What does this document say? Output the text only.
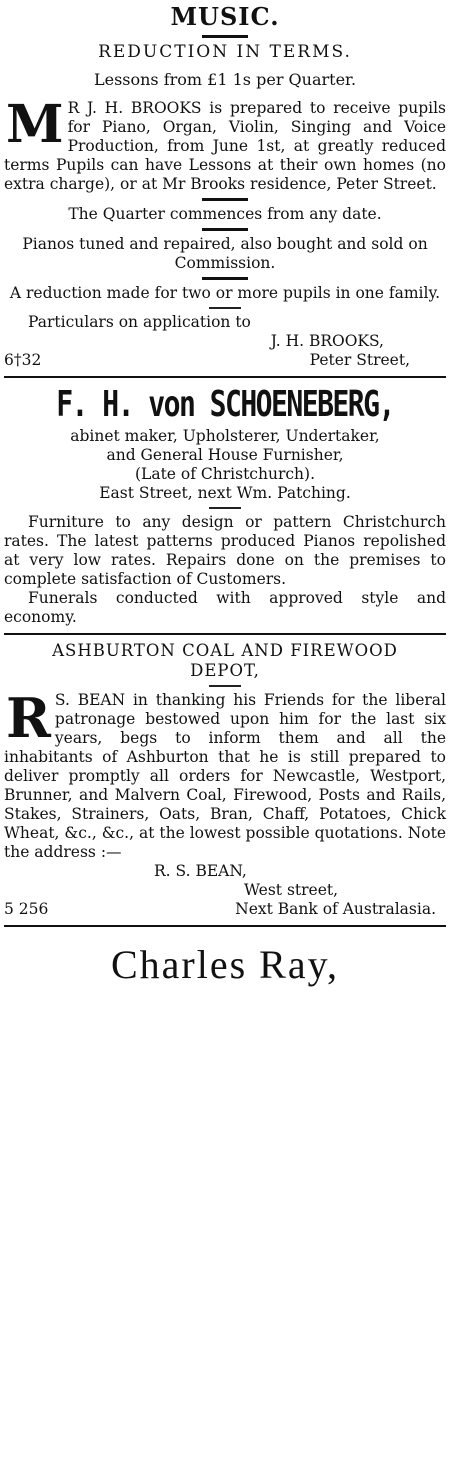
MUSIC.
REDUCTION IN TERMS.
Lessons from £1 1s per Quarter.
M R J. H. BROOKS is prepared to receive pupils for Piano, Organ, Violin, Singing and Voice Production, from June 1st, at greatly reduced terms Pupils can have Lessons at their own homes (no extra charge), or at Mr Brooks residence, Peter Street.

The Quarter commences from any date.

Pianos tuned and repaired, also bought and sold on Commission.

A reduction made for two or more pupils in one family.

Particulars on application to

J. H. BROOKS,

6†32	Peter Street,
F. H. von SCHOENEBERG,

abinet maker, Upholsterer, Undertaker,

and General House Furnisher,

(Late of Christchurch).

East Street, next Wm. Patching.

Furniture to any design or pattern Christchurch rates. The latest patterns produced Pianos repolished at very low rates. Repairs done on the premises to complete satisfaction of Customers.

Funerals conducted with approved style and economy.

ASHBURTON COAL AND FIREWOOD
DEPOT,
R S. BEAN in thanking his Friends for the liberal patronage bestowed upon him for the last six years, begs to inform them and all the inhabitants of Ashburton that he is still prepared to deliver promptly all orders for Newcastle, Westport, Brunner, and Malvern Coal, Firewood, Posts and Rails, Stakes, Strainers, Oats, Bran, Chaff, Potatoes, Chick Wheat, &c., &c., at the lowest possible quotations. Note the address :—

R. S. BEAN,

West street,

5 256	Next Bank of Australasia.
Charles Ray,
